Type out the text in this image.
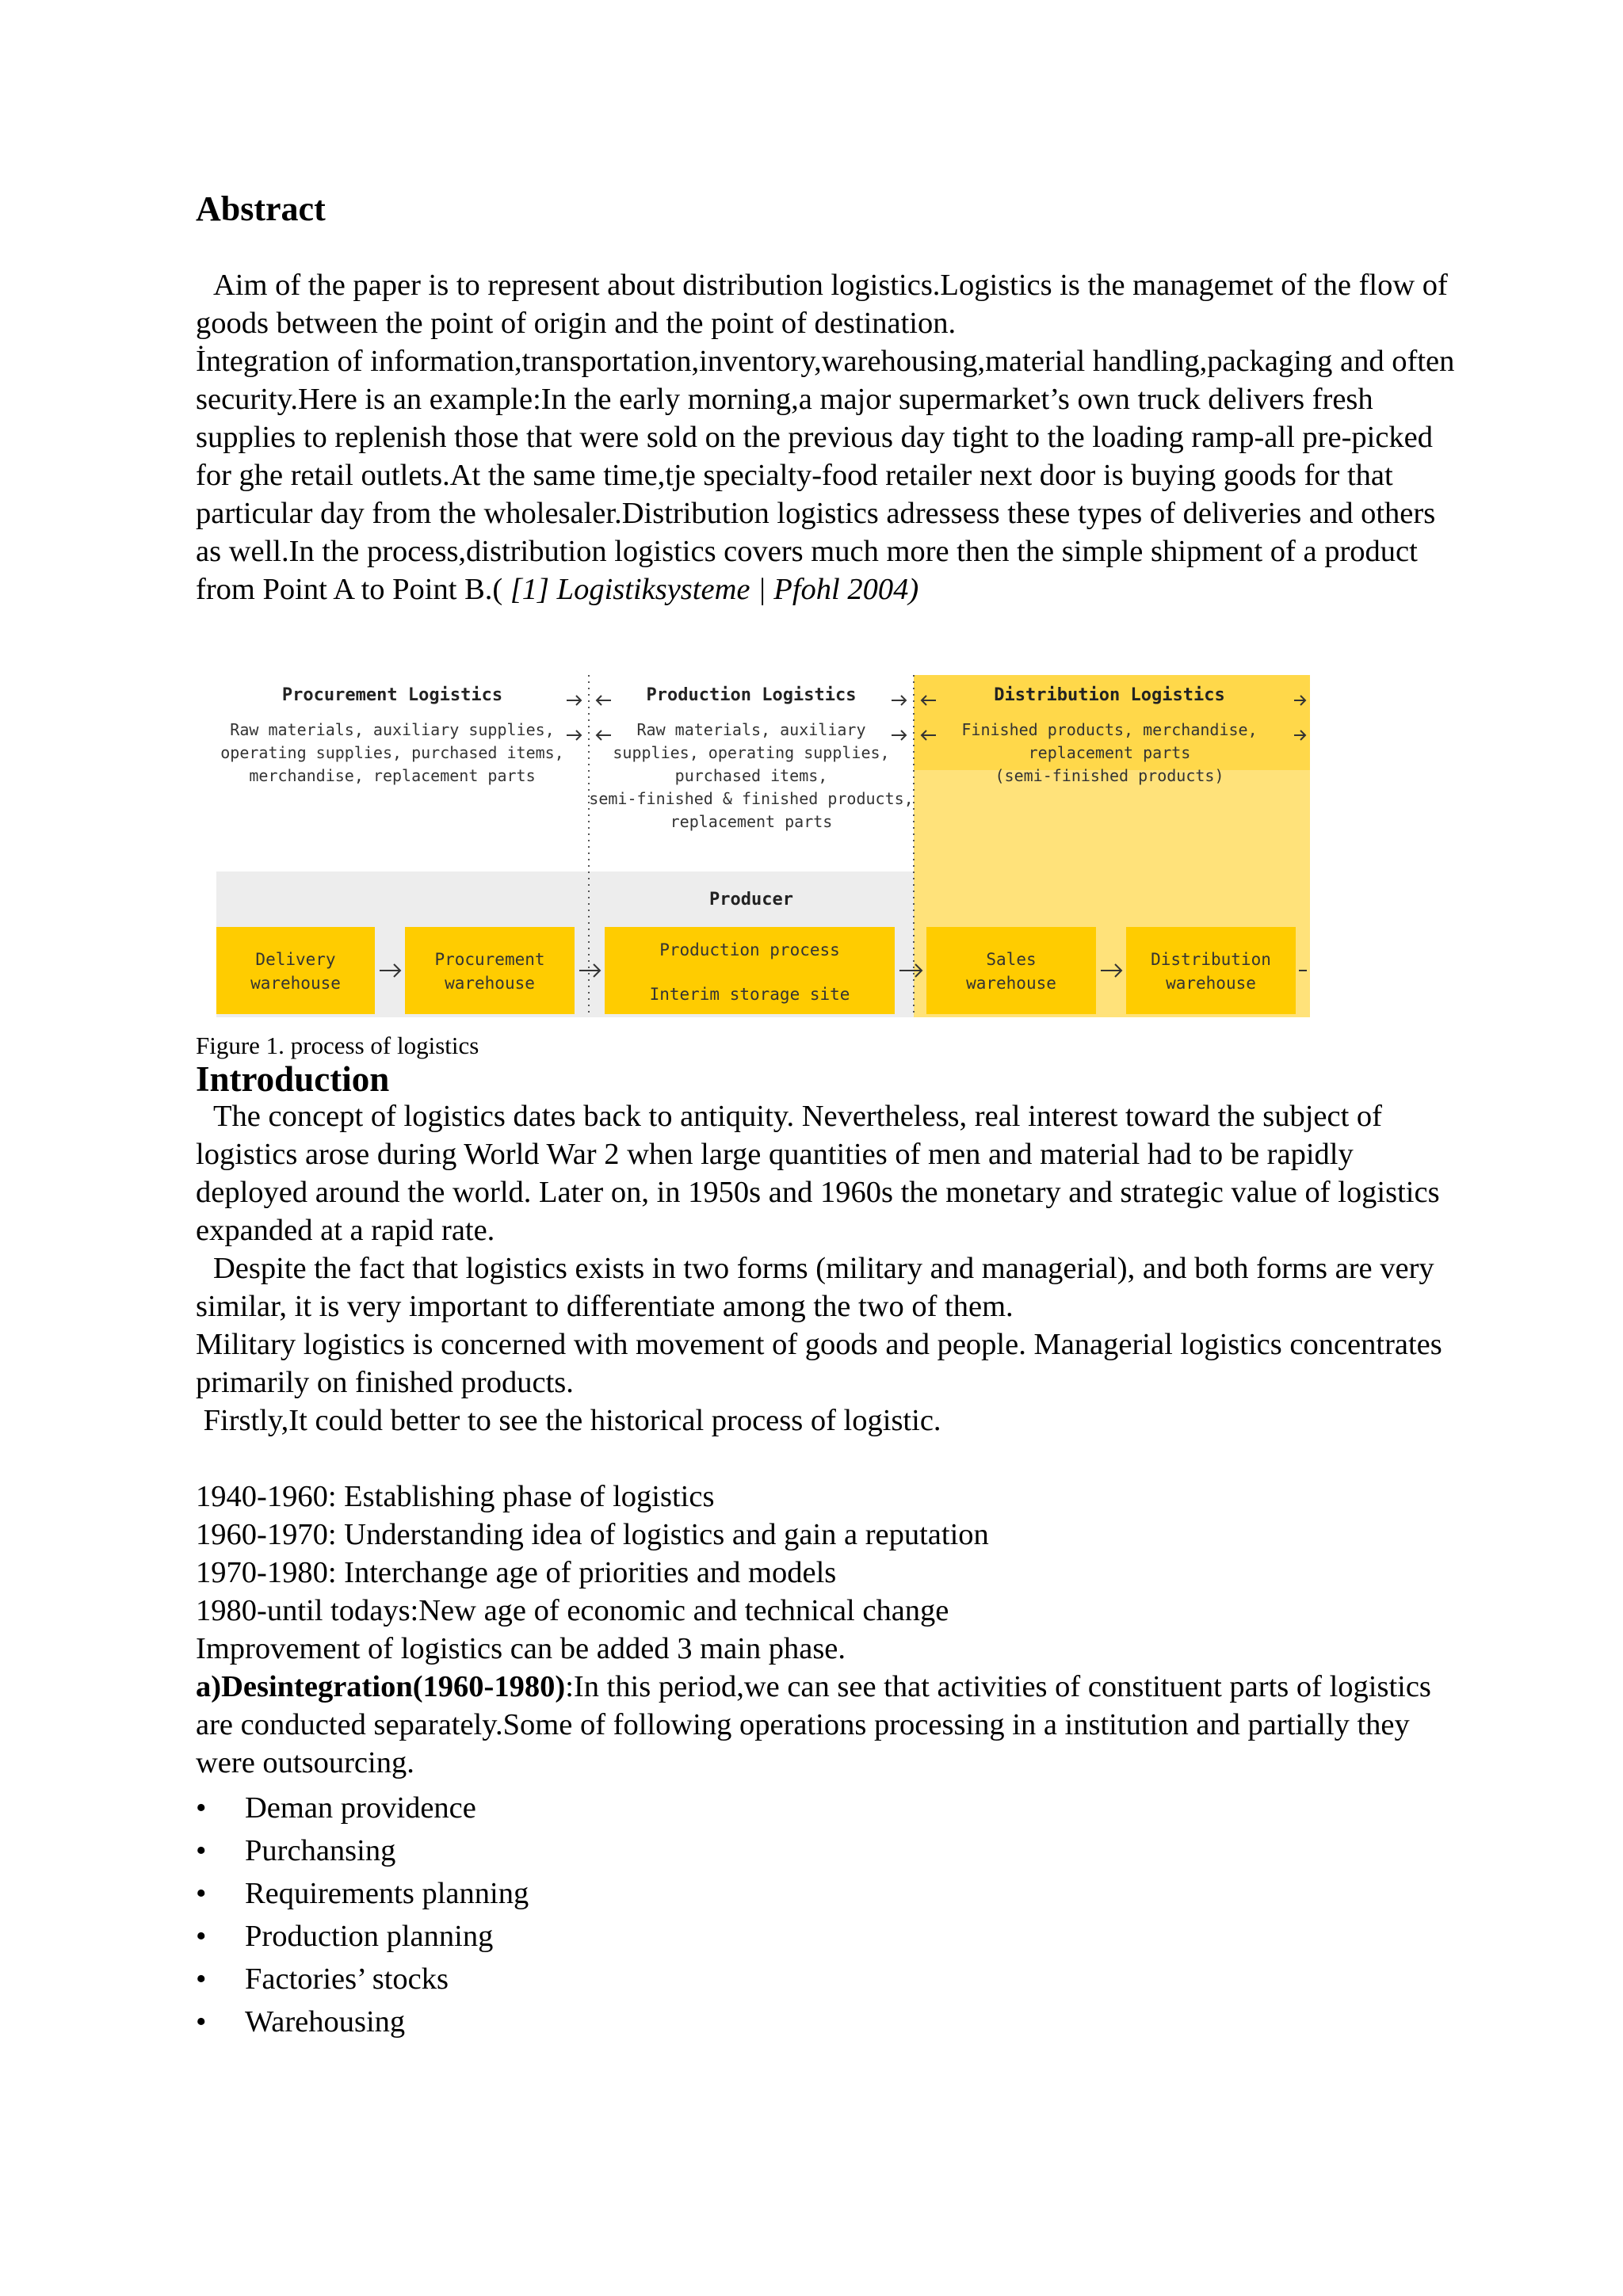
Abstract

Aim of the paper is to represent about distribution logistics.Logistics is the managemet of the flow of goods between the point of origin and the point of destination.

İntegration of information,transportation,inventory,warehousing,material handling,packaging and often security.Here is an example:In the early morning,a major supermarket’s own truck delivers fresh supplies to replenish those that were sold on the previous day tight to the loading ramp-all pre-picked for ghe retail outlets.At the same time,tje specialty-food retailer next door is buying goods for that particular day from the wholesaler.Distribution logistics adressess these types of deliveries and others as well.In the process,distribution logistics covers much more then the simple shipment of a product from Point A to Point B.( [1] Logistiksysteme | Pfohl 2004)

Procurement Logistics	Production Logistics	Distribution Logistics
Raw materials, auxiliary supplies,
operating supplies, purchased items,
merchandise, replacement parts
Raw materials, auxiliary
supplies, operating supplies,
purchased items,
semi-finished & finished products,
replacement parts
Finished products, merchandise,
replacement parts
(semi-finished products)
Producer
Delivery
warehouse
Procurement
warehouse
Production process
Interim storage site
Sales
warehouse
Distribution
warehouse
Figure 1. process of logistics
Introduction

The concept of logistics dates back to antiquity. Nevertheless, real interest toward the subject of logistics arose during World War 2 when large quantities of men and material had to be rapidly deployed around the world. Later on, in 1950s and 1960s the monetary and strategic value of logistics expanded at a rapid rate.

Despite the fact that logistics exists in two forms (military and managerial), and both forms are very similar, it is very important to differentiate among the two of them.

Military logistics is concerned with movement of goods and people. Managerial logistics concentrates primarily on finished products.

Firstly,It could better to see the historical process of logistic.

1940-1960: Establishing phase of logistics

1960-1970: Understanding idea of logistics and gain a reputation

1970-1980: Interchange age of priorities and models

1980-until todays:New age of economic and technical change

Improvement of logistics can be added 3 main phase.

a)Desintegration(1960-1980):In this period,we can see that activities of constituent parts of logistics are conducted separately.Some of following operations processing in a institution and partially they were outsourcing.

• Deman providence
• Purchansing
• Requirements planning
• Production planning
• Factories’ stocks
• Warehousing
